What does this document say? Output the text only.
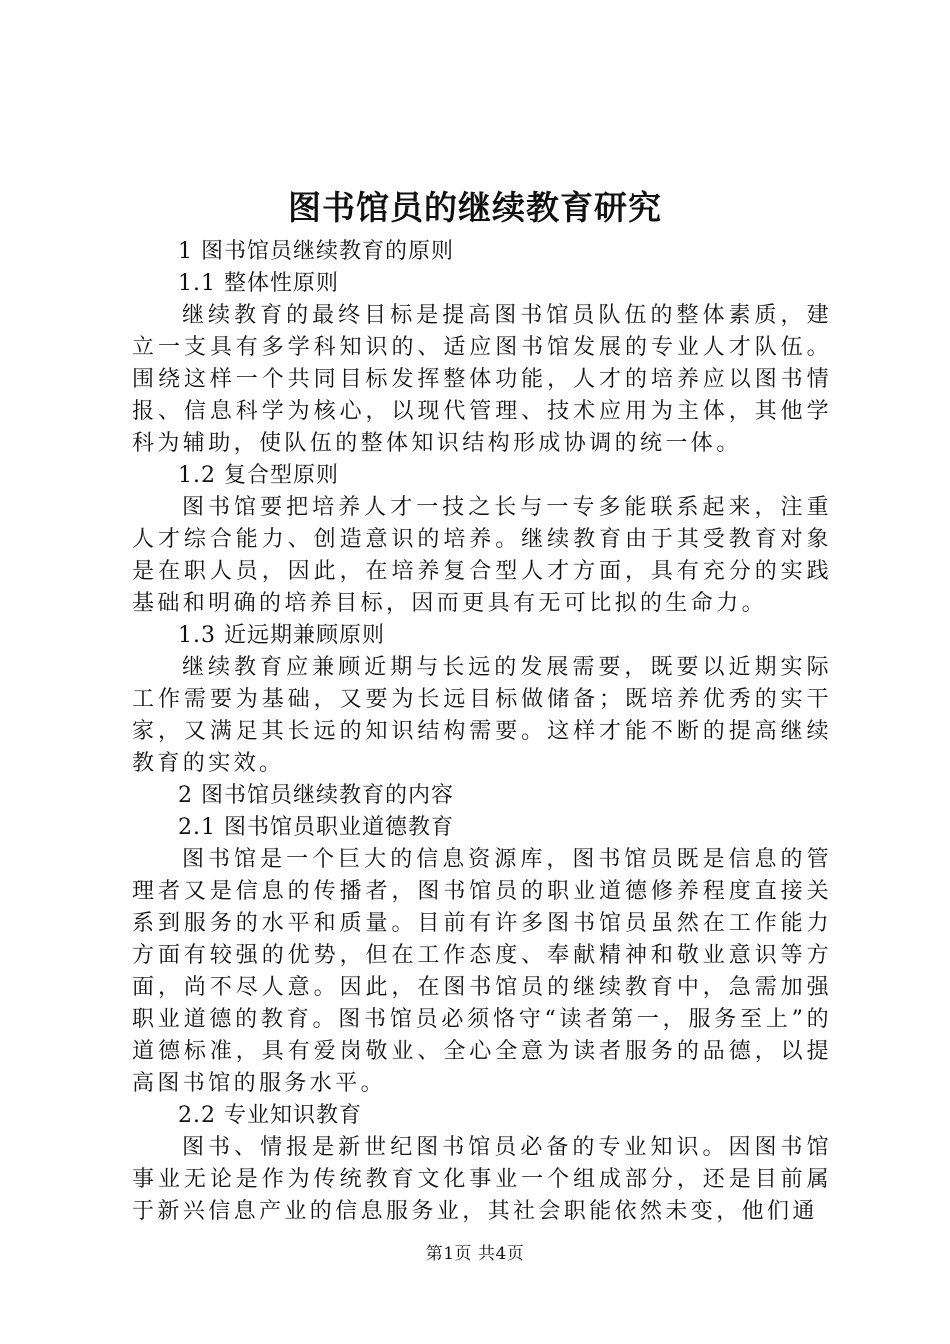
图书馆员的继续教育研究

1 图书馆员继续教育的原则

1.1 整体性原则

继续教育的最终目标是提高图书馆员队伍的整体素质，建立一支具有多学科知识的、适应图书馆发展的专业人才队伍。围绕这样一个共同目标发挥整体功能，人才的培养应以图书情报、信息科学为核心，以现代管理、技术应用为主体，其他学科为辅助，使队伍的整体知识结构形成协调的统一体。

1.2 复合型原则

图书馆要把培养人才一技之长与一专多能联系起来，注重人才综合能力、创造意识的培养。继续教育由于其受教育对象是在职人员，因此，在培养复合型人才方面，具有充分的实践基础和明确的培养目标，因而更具有无可比拟的生命力。

1.3 近远期兼顾原则

继续教育应兼顾近期与长远的发展需要，既要以近期实际工作需要为基础，又要为长远目标做储备；既培养优秀的实干家，又满足其长远的知识结构需要。这样才能不断的提高继续教育的实效。

2 图书馆员继续教育的内容

2.1 图书馆员职业道德教育

图书馆是一个巨大的信息资源库，图书馆员既是信息的管理者又是信息的传播者，图书馆员的职业道德修养程度直接关系到服务的水平和质量。目前有许多图书馆员虽然在工作能力方面有较强的优势，但在工作态度、奉献精神和敬业意识等方面，尚不尽人意。因此，在图书馆员的继续教育中，急需加强职业道德的教育。图书馆员必须恪守“读者第一，服务至上”的道德标准，具有爱岗敬业、全心全意为读者服务的品德，以提高图书馆的服务水平。

2.2 专业知识教育

图书、情报是新世纪图书馆员必备的专业知识。因图书馆事业无论是作为传统教育文化事业一个组成部分，还是目前属于新兴信息产业的信息服务业，其社会职能依然未变，他们通

第1页 共4页
